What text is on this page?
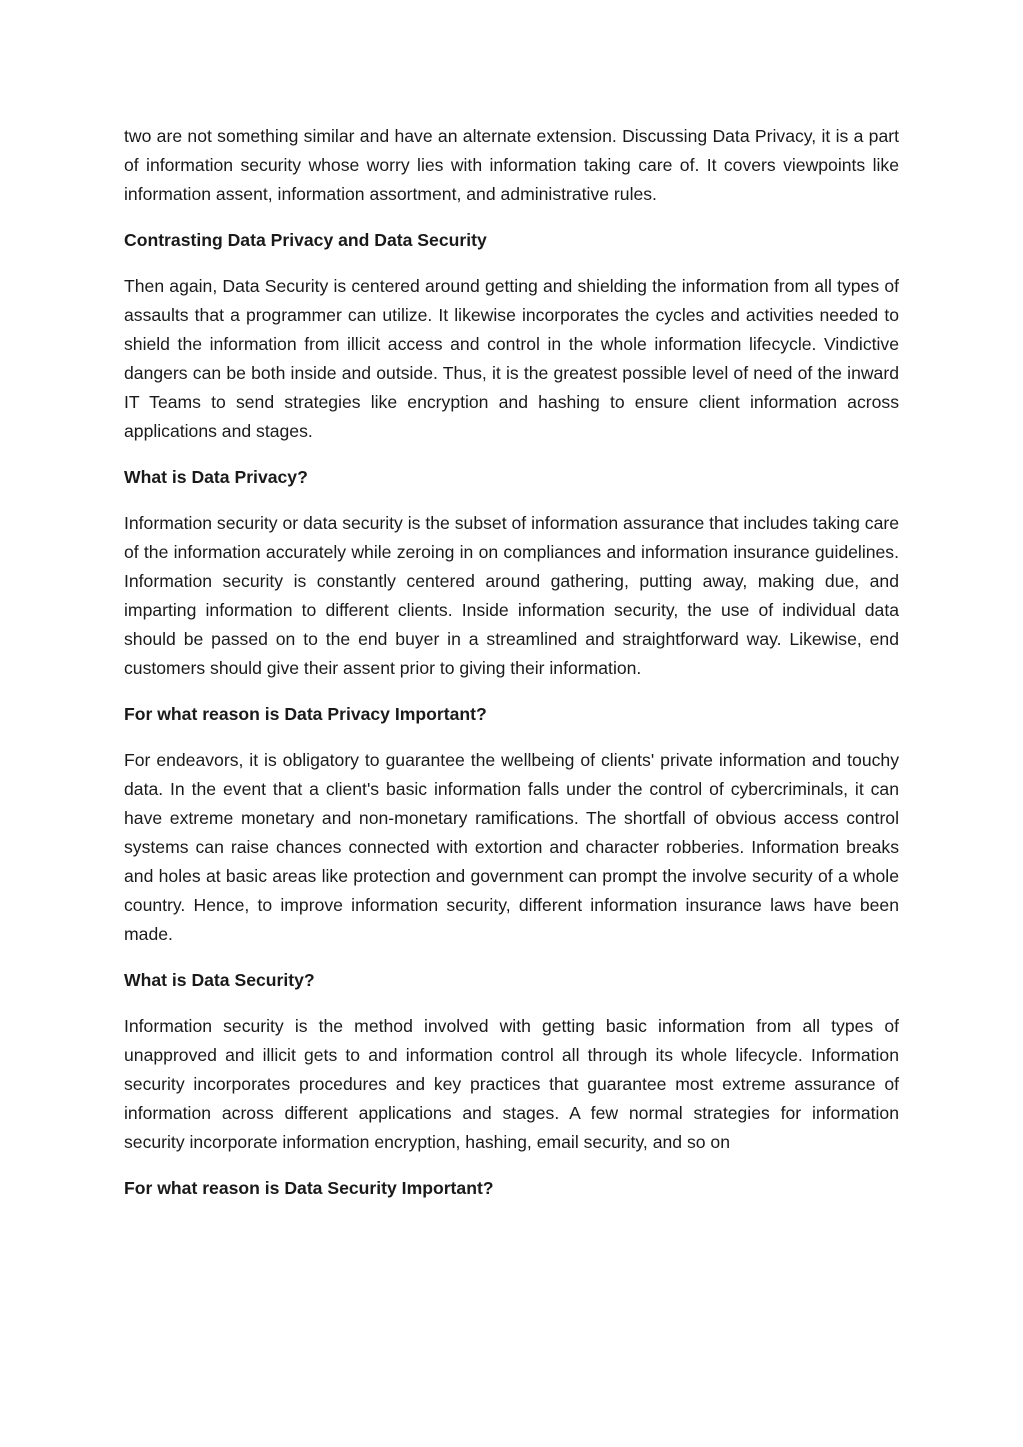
two are not something similar and have an alternate extension. Discussing Data Privacy, it is a part of information security whose worry lies with information taking care of. It covers viewpoints like information assent, information assortment, and administrative rules.

Contrasting Data Privacy and Data Security

Then again, Data Security is centered around getting and shielding the information from all types of assaults that a programmer can utilize. It likewise incorporates the cycles and activities needed to shield the information from illicit access and control in the whole information lifecycle. Vindictive dangers can be both inside and outside. Thus, it is the greatest possible level of need of the inward IT Teams to send strategies like encryption and hashing to ensure client information across applications and stages.

What is Data Privacy?

Information security or data security is the subset of information assurance that includes taking care of the information accurately while zeroing in on compliances and information insurance guidelines. Information security is constantly centered around gathering, putting away, making due, and imparting information to different clients. Inside information security, the use of individual data should be passed on to the end buyer in a streamlined and straightforward way. Likewise, end customers should give their assent prior to giving their information.

For what reason is Data Privacy Important?

For endeavors, it is obligatory to guarantee the wellbeing of clients' private information and touchy data. In the event that a client's basic information falls under the control of cybercriminals, it can have extreme monetary and non-monetary ramifications. The shortfall of obvious access control systems can raise chances connected with extortion and character robberies. Information breaks and holes at basic areas like protection and government can prompt the involve security of a whole country. Hence, to improve information security, different information insurance laws have been made.

What is Data Security?

Information security is the method involved with getting basic information from all types of unapproved and illicit gets to and information control all through its whole lifecycle. Information security incorporates procedures and key practices that guarantee most extreme assurance of information across different applications and stages. A few normal strategies for information security incorporate information encryption, hashing, email security, and so on

For what reason is Data Security Important?
